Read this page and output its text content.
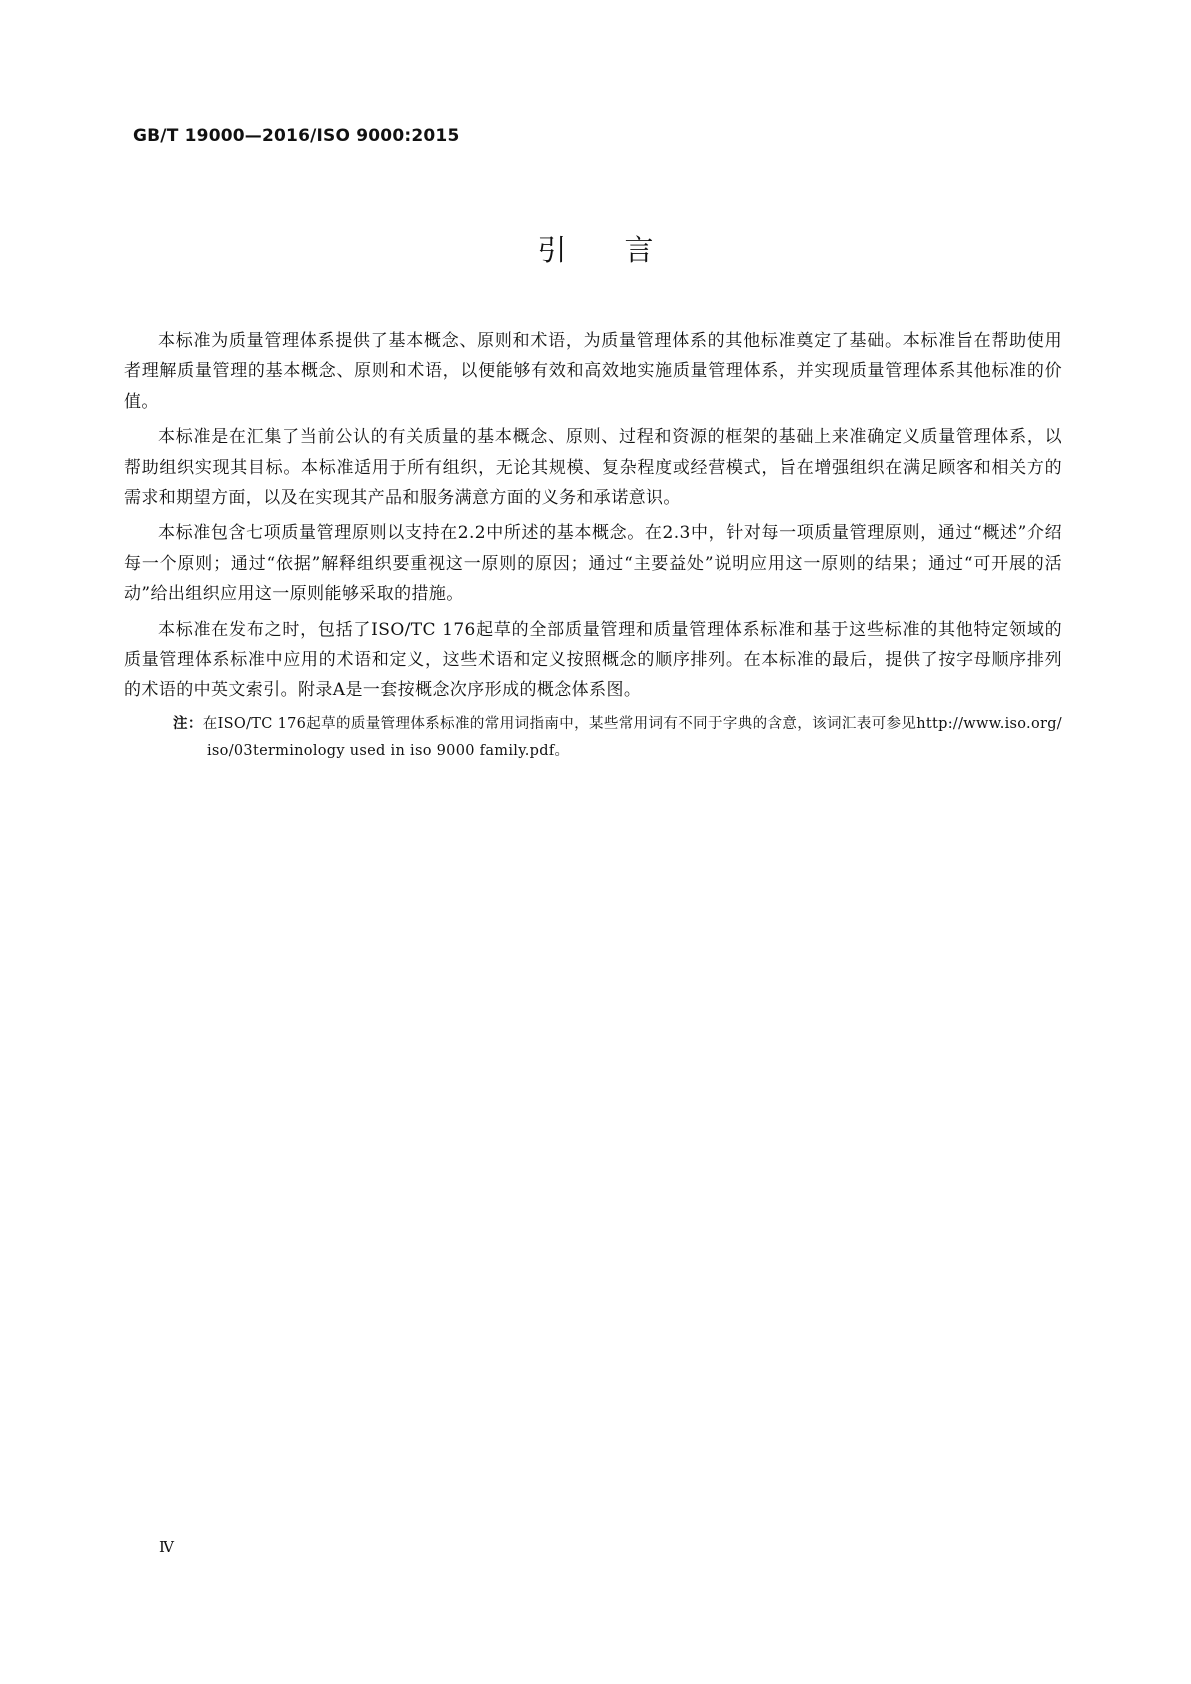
GB/T 19000—2016/ISO 9000:2015
引言

本标准为质量管理体系提供了基本概念、原则和术语，为质量管理体系的其他标准奠定了基础。本标准旨在帮助使用者理解质量管理的基本概念、原则和术语，以便能够有效和高效地实施质量管理体系，并实现质量管理体系其他标准的价值。

本标准是在汇集了当前公认的有关质量的基本概念、原则、过程和资源的框架的基础上来准确定义质量管理体系，以帮助组织实现其目标。本标准适用于所有组织，无论其规模、复杂程度或经营模式，旨在增强组织在满足顾客和相关方的需求和期望方面，以及在实现其产品和服务满意方面的义务和承诺意识。

本标准包含七项质量管理原则以支持在2.2中所述的基本概念。在2.3中，针对每一项质量管理原则，通过“概述”介绍每一个原则；通过“依据”解释组织要重视这一原则的原因；通过“主要益处”说明应用这一原则的结果；通过“可开展的活动”给出组织应用这一原则能够采取的措施。

本标准在发布之时，包括了ISO/TC 176起草的全部质量管理和质量管理体系标准和基于这些标准的其他特定领域的质量管理体系标准中应用的术语和定义，这些术语和定义按照概念的顺序排列。在本标准的最后，提供了按字母顺序排列的术语的中英文索引。附录A是一套按概念次序形成的概念体系图。

注：在ISO/TC 176起草的质量管理体系标准的常用词指南中，某些常用词有不同于字典的含意，该词汇表可参见http://www.iso.org/iso/03terminology used in iso 9000 family.pdf。
Ⅳ
